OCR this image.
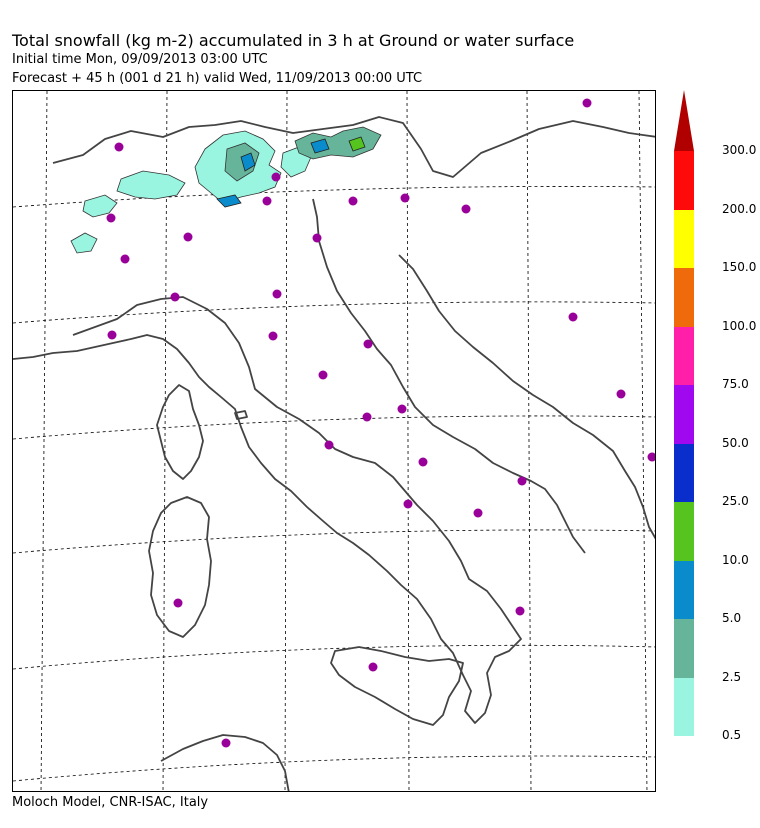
Total snowfall (kg m-2) accumulated in 3 h at Ground or water surface
Initial time Mon, 09/09/2013 03:00 UTC
Forecast + 45 h (001 d 21 h) valid Wed, 11/09/2013 00:00 UTC
0.5
2.5
5.0
10.0
25.0
50.0
75.0
100.0
150.0
200.0
300.0
Moloch Model, CNR-ISAC, Italy
